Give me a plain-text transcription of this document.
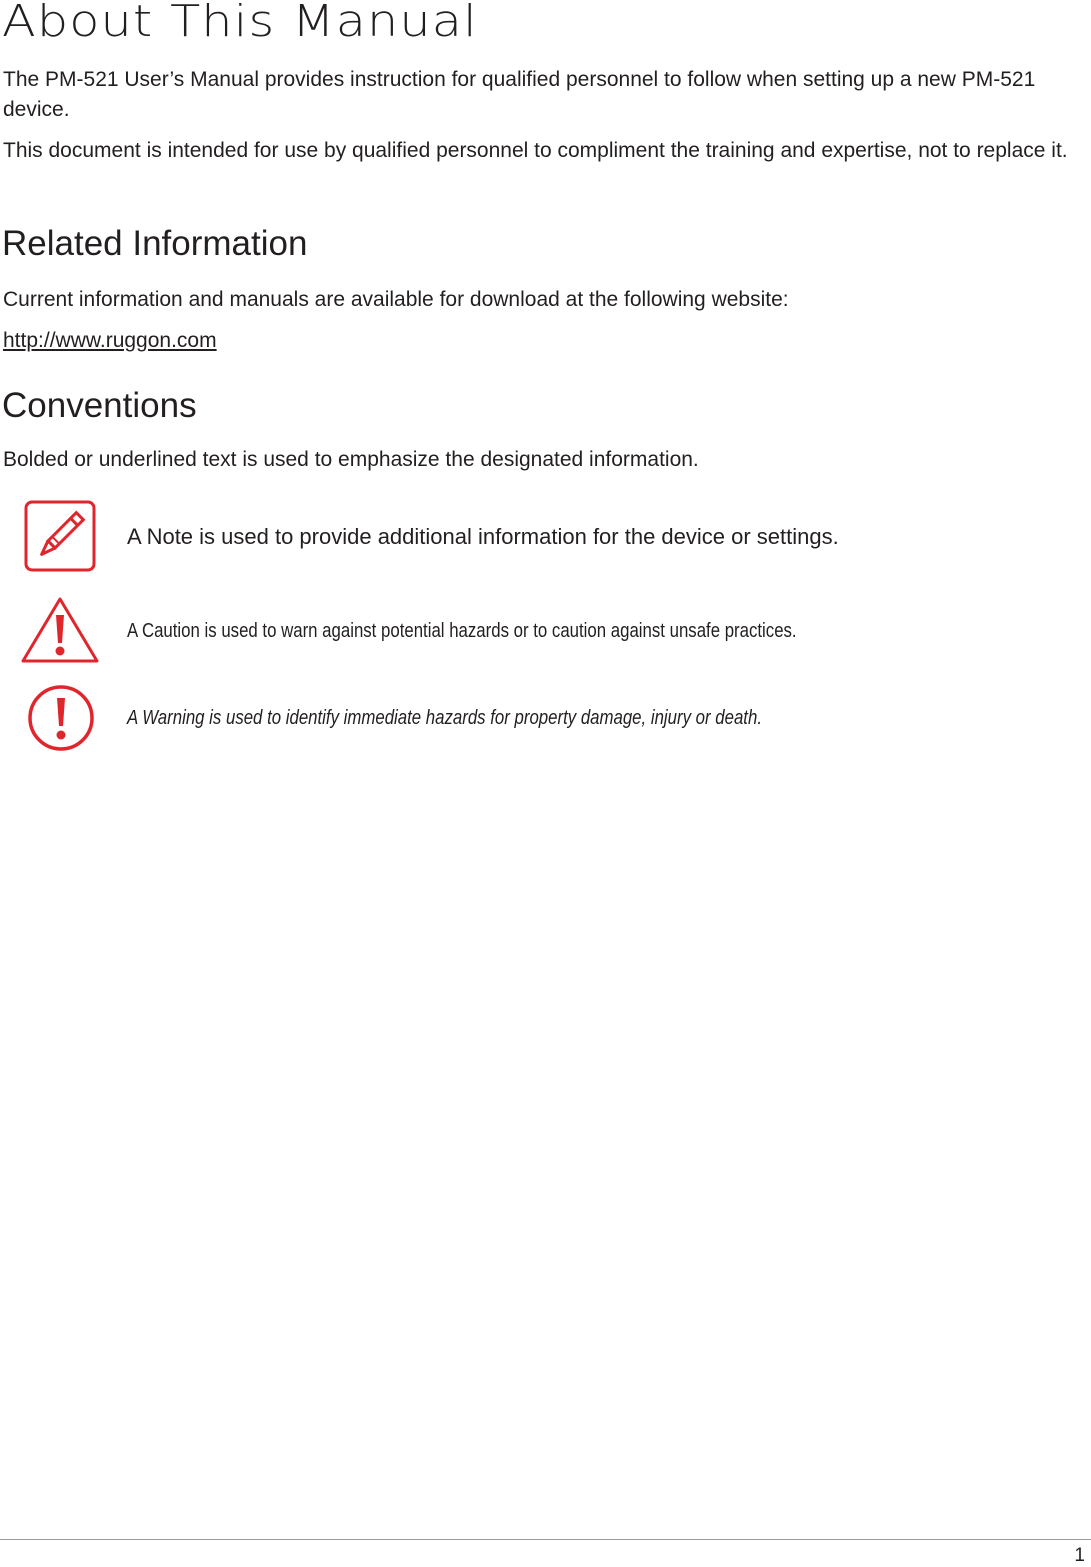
About This Manual

The PM-521 User’s Manual provides instruction for qualified personnel to follow when setting up a new PM-521 device.

This document is intended for use by qualified personnel to compliment the training and expertise, not to replace it.

Related Information

Current information and manuals are available for download at the following website:

http://www.ruggon.com
Conventions

Bolded or underlined text is used to emphasize the designated information.

A Note is used to provide additional information for the device or settings.

A Caution is used to warn against potential hazards or to caution against unsafe practices.

A Warning is used to identify immediate hazards for property damage, injury or death.

1
